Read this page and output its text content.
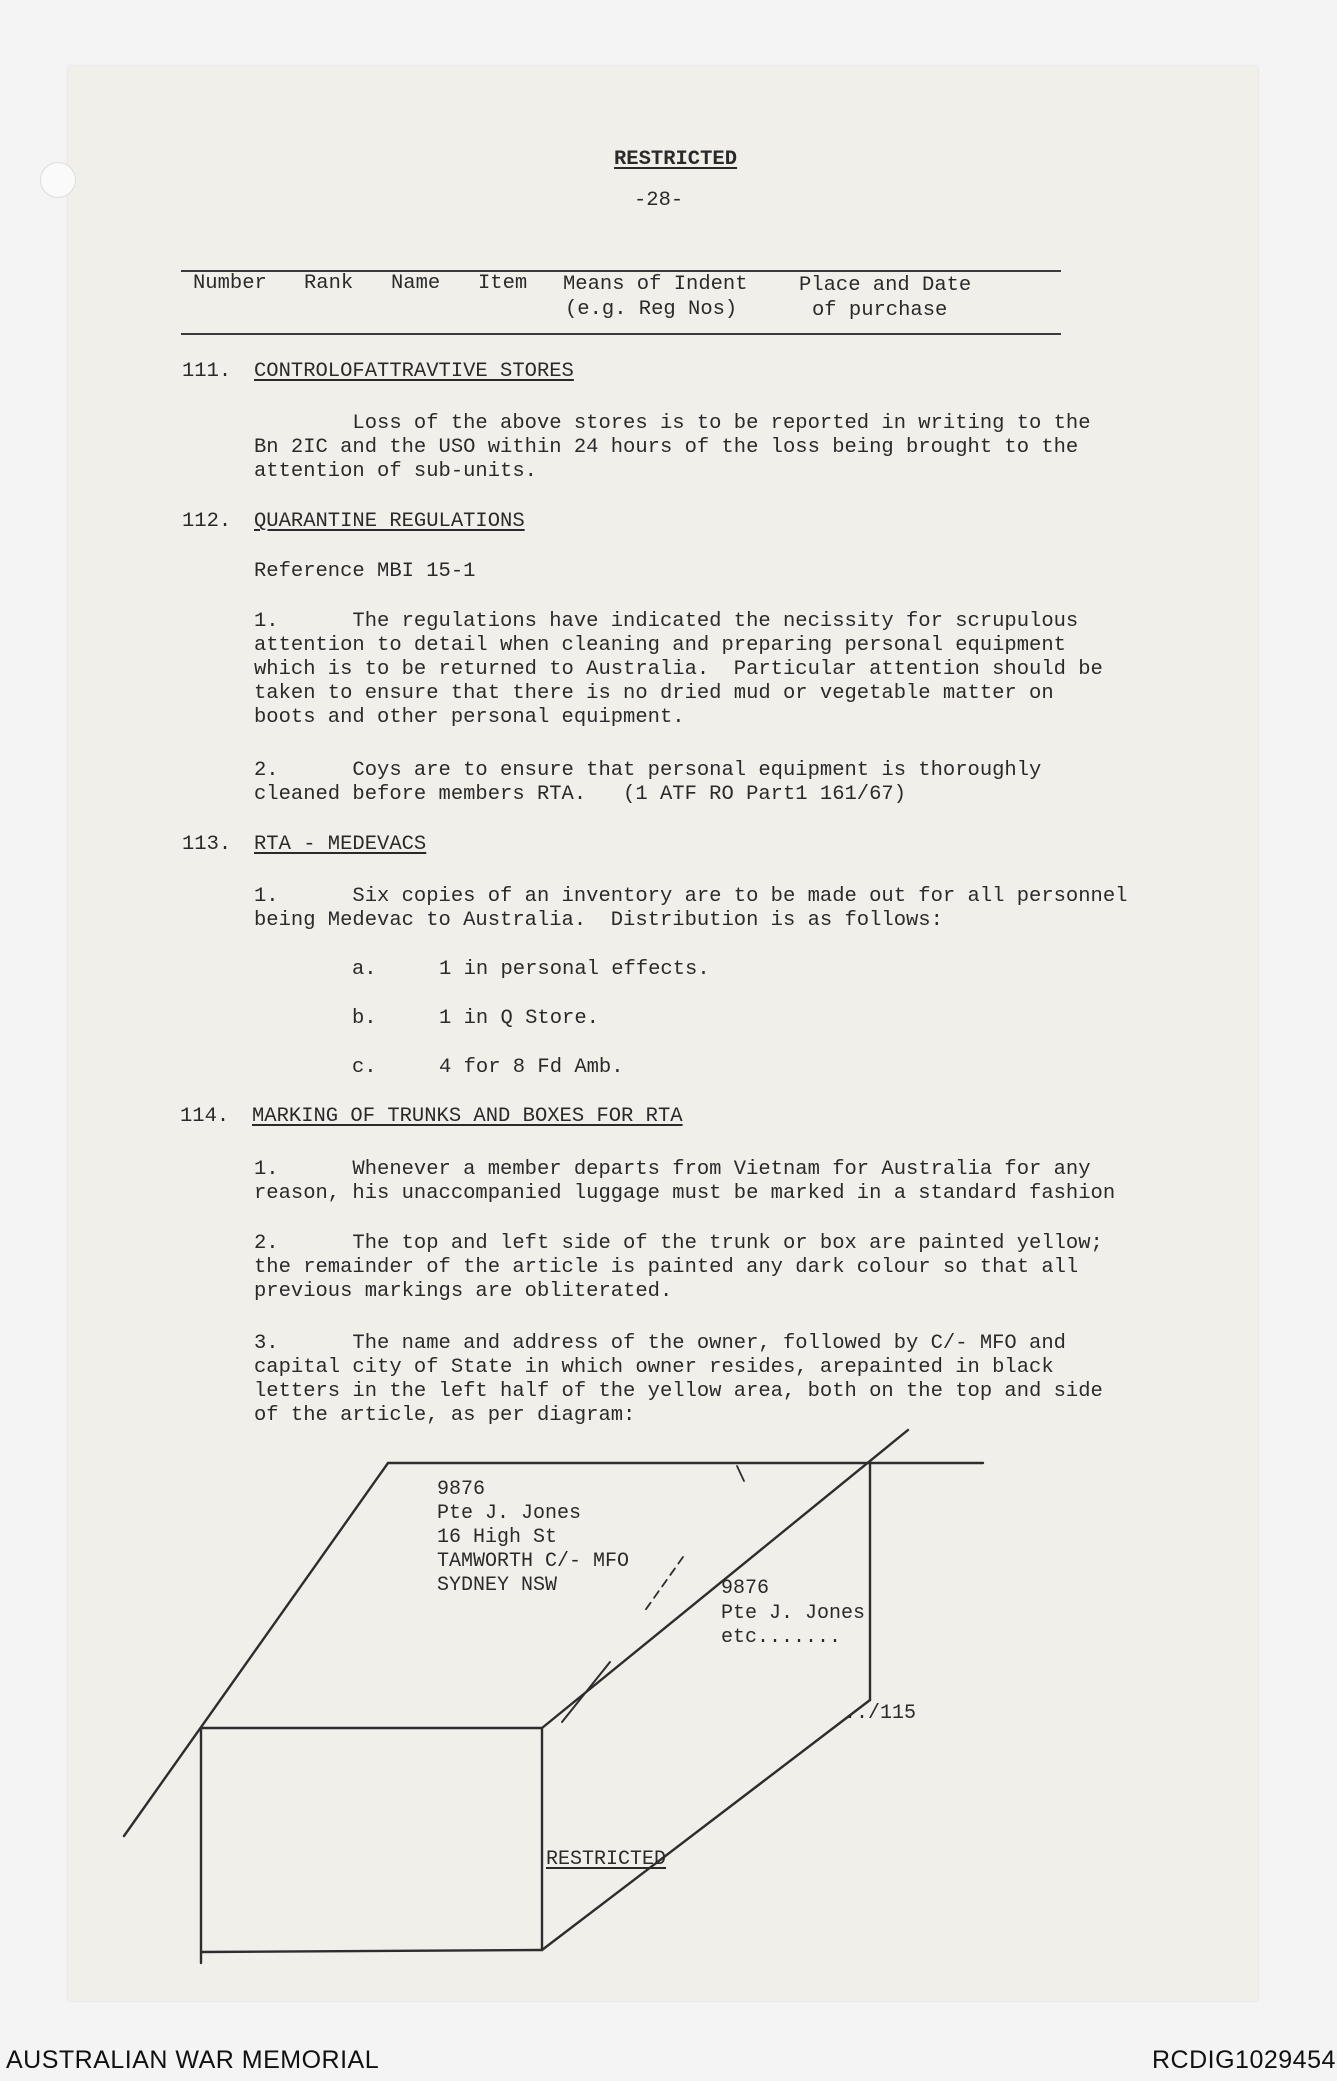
RESTRICTED
-28-
Number Rank Name Item Means of Indent	Place and Date
(e.g. Reg Nos)	of purchase
111. CONTROLOFATTRAVTIVE STORES
Loss of the above stores is to be reported in writing to the
Bn 2IC and the USO within 24 hours of the loss being brought to the
attention of sub-units.
112. QUARANTINE REGULATIONS
Reference MBI 15-1
1.      The regulations have indicated the necissity for scrupulous
attention to detail when cleaning and preparing personal equipment
which is to be returned to Australia.  Particular attention should be
taken to ensure that there is no dried mud or vegetable matter on
boots and other personal equipment.
2.      Coys are to ensure that personal equipment is thoroughly
cleaned before members RTA.   (1 ATF RO Part1 161/67)
113. RTA - MEDEVACS
1.      Six copies of an inventory are to be made out for all personnel
being Medevac to Australia.  Distribution is as follows:
a.	1 in personal effects.
b.	1 in Q Store.
c.	4 for 8 Fd Amb.
114. MARKING OF TRUNKS AND BOXES FOR RTA
1.      Whenever a member departs from Vietnam for Australia for any
reason, his unaccompanied luggage must be marked in a standard fashion
2.      The top and left side of the trunk or box are painted yellow;
the remainder of the article is painted any dark colour so that all
previous markings are obliterated.
3.      The name and address of the owner, followed by C/- MFO and
capital city of State in which owner resides, arepainted in black
letters in the left half of the yellow area, both on the top and side
of the article, as per diagram:
9876
Pte J. Jones
16 High St
TAMWORTH C/- MFO
SYDNEY NSW	9876
Pte J. Jones
etc.......
../115
RESTRICTED
AUSTRALIAN WAR MEMORIAL	RCDIG1029454
